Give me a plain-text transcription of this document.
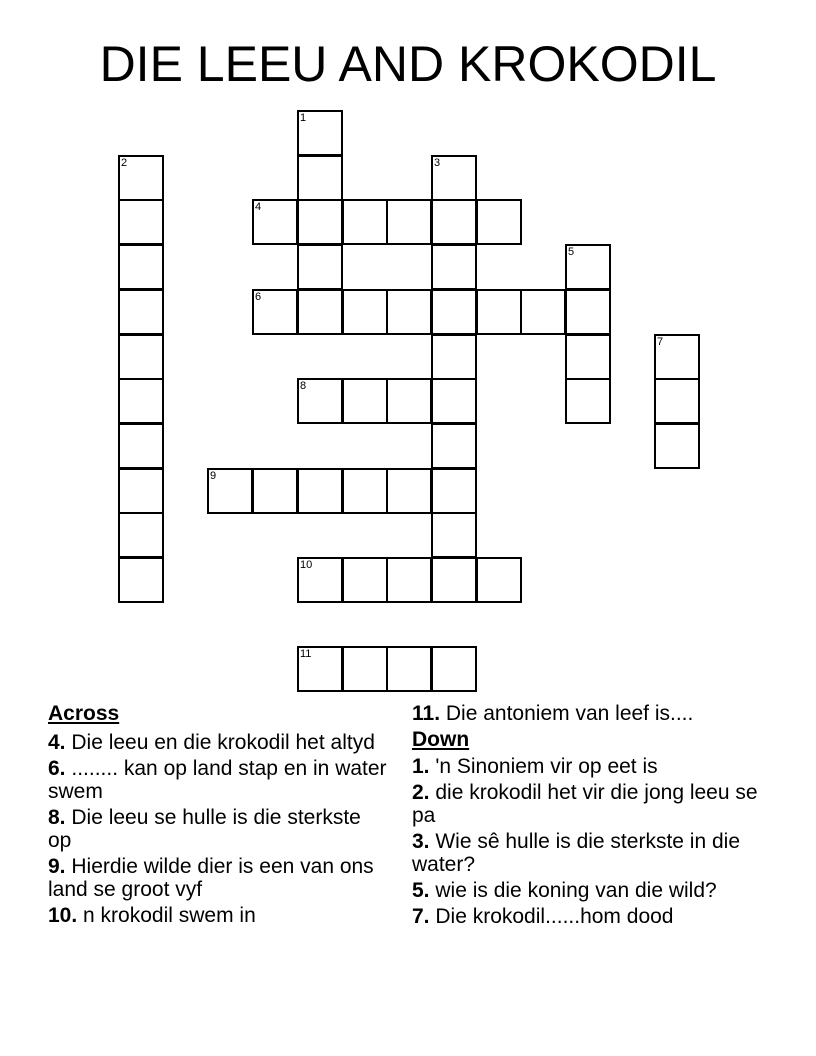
DIE LEEU AND KROKODIL
1
2	3
4
5
6
7
8
9
10
11
Across
4. Die leeu en die krokodil het altyd
6. ........ kan op land stap en in water swem
8. Die leeu se hulle is die sterkste op
9. Hierdie wilde dier is een van ons land se groot vyf
10. n krokodil swem in
11. Die antoniem van leef is....
Down
1. 'n Sinoniem vir op eet is
2. die krokodil het vir die jong leeu se pa
3. Wie sê hulle is die sterkste in die water?
5. wie is die koning van die wild?
7. Die krokodil......hom dood
